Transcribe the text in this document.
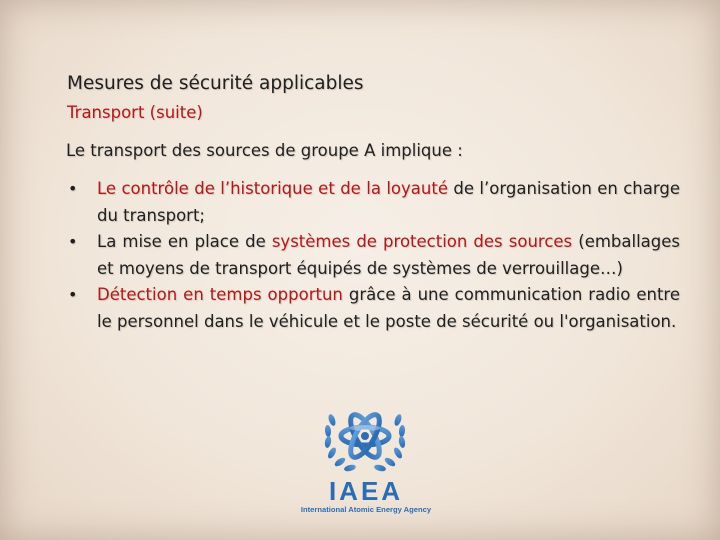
Mesures de sécurité applicables
Transport (suite)
Le transport des sources de groupe A implique :
• Le contrôle de l’historique et de la loyauté de l’organisation en charge du transport;
• La mise en place de systèmes de protection des sources (emballages et moyens de transport équipés de systèmes de verrouillage…)
• Détection en temps opportun grâce à une communication radio entre le personnel dans le véhicule et le poste de sécurité ou l'organisation.
IAEA
International Atomic Energy Agency
